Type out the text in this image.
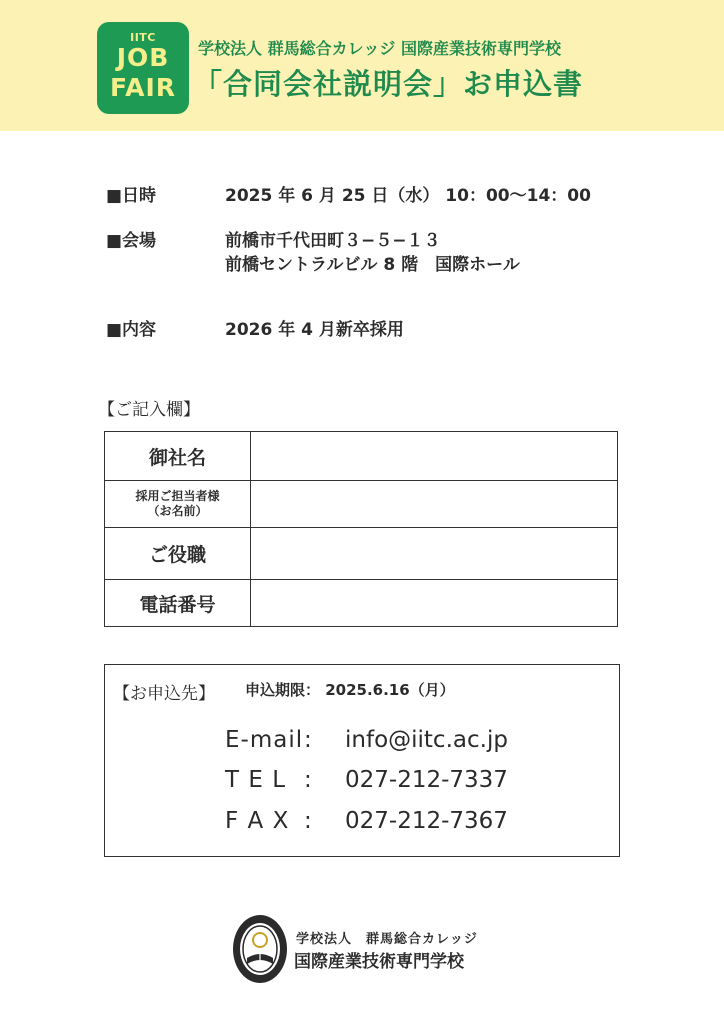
IITC
JOB
FAIR
学校法人 群馬総合カレッジ 国際産業技術専門学校
「合同会社説明会」お申込書
■日時	2025 年 6 月 25 日（水） 10：00〜14：00
■会場	前橋市千代田町３−５−１３
前橋セントラルビル 8 階　国際ホール
■内容	2026 年 4 月新卒採用
【ご記入欄】
御社名
採用ご担当者様
（お名前）
ご役職
電話番号
【お申込先】 申込期限： 2025.6.16（月）
E-mail : info@iitc.ac.jp
T E L : 027-212-7337
F A X : 027-212-7367
学校法人　群馬総合カレッジ
国際産業技術専門学校
